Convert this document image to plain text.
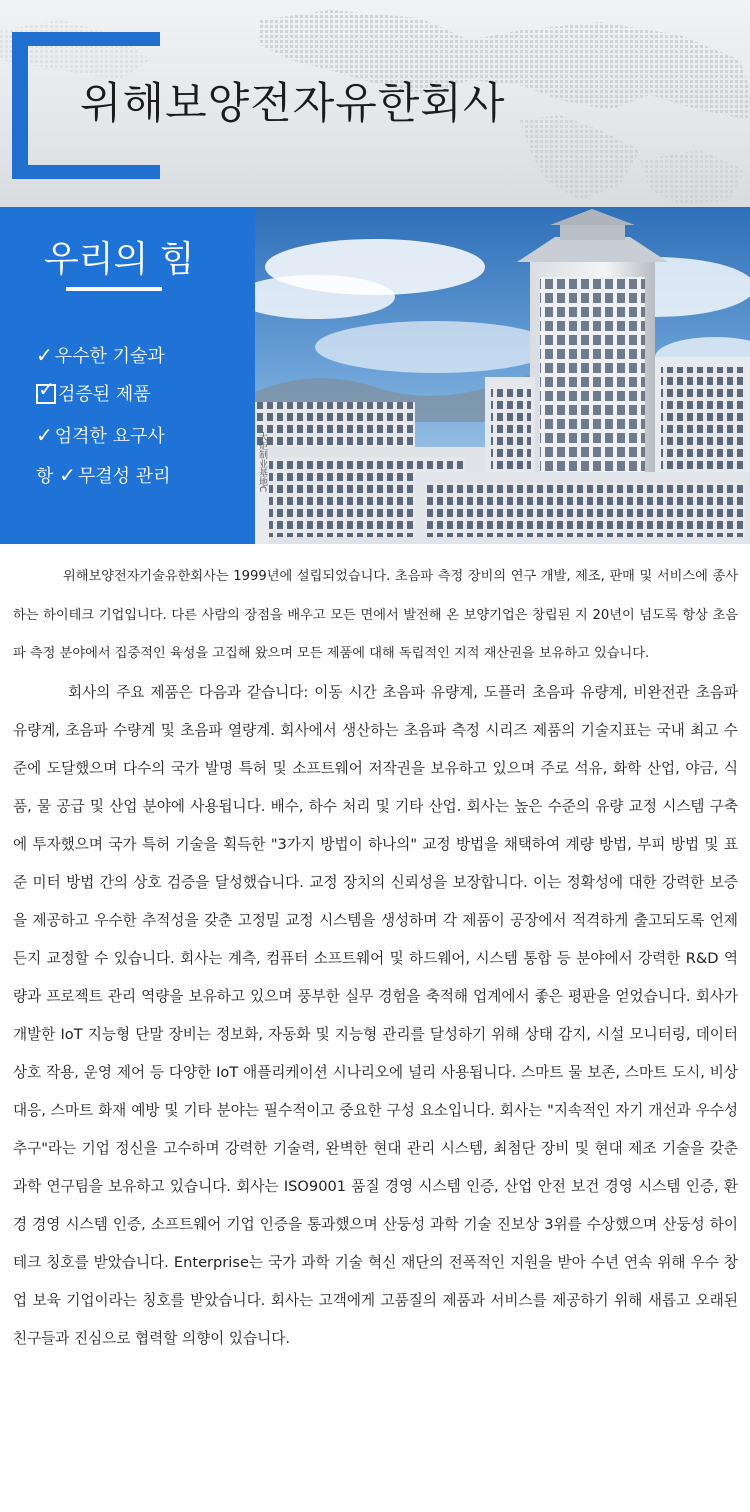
위해보양전자유한회사
우리의 힘
✓ 우수한 기술과
✓검증된 제품
✓ 엄격한 요구사
항 ✓ 무결성 관리	大炬制业基地C

위해보양전자기술유한회사는 1999년에 설립되었습니다. 초음파 측정 장비의 연구 개발, 제조, 판매 및 서비스에 종사하는 하이테크 기업입니다. 다른 사람의 장점을 배우고 모든 면에서 발전해 온 보양기업은 창립된 지 20년이 넘도록 항상 초음파 측정 분야에서 집중적인 육성을 고집해 왔으며 모든 제품에 대해 독립적인 지적 재산권을 보유하고 있습니다.

회사의 주요 제품은 다음과 같습니다: 이동 시간 초음파 유량계, 도플러 초음파 유량계, 비완전관 초음파 유량계, 초음파 수량계 및 초음파 열량계. 회사에서 생산하는 초음파 측정 시리즈 제품의 기술지표는 국내 최고 수준에 도달했으며 다수의 국가 발명 특허 및 소프트웨어 저작권을 보유하고 있으며 주로 석유, 화학 산업, 야금, 식품, 물 공급 및 산업 분야에 사용됩니다. 배수, 하수 처리 및 기타 산업. 회사는 높은 수준의 유량 교정 시스템 구축에 투자했으며 국가 특허 기술을 획득한 "3가지 방법이 하나의" 교정 방법을 채택하여 계량 방법, 부피 방법 및 표준 미터 방법 간의 상호 검증을 달성했습니다. 교정 장치의 신뢰성을 보장합니다. 이는 정확성에 대한 강력한 보증을 제공하고 우수한 추적성을 갖춘 고정밀 교정 시스템을 생성하며 각 제품이 공장에서 적격하게 출고되도록 언제든지 교정할 수 있습니다. 회사는 계측, 컴퓨터 소프트웨어 및 하드웨어, 시스템 통합 등 분야에서 강력한 R&D 역량과 프로젝트 관리 역량을 보유하고 있으며 풍부한 실무 경험을 축적해 업계에서 좋은 평판을 얻었습니다. 회사가 개발한 IoT 지능형 단말 장비는 정보화, 자동화 및 지능형 관리를 달성하기 위해 상태 감지, 시설 모니터링, 데이터 상호 작용, 운영 제어 등 다양한 IoT 애플리케이션 시나리오에 널리 사용됩니다. 스마트 물 보존, 스마트 도시, 비상 대응, 스마트 화재 예방 및 기타 분야는 필수적이고 중요한 구성 요소입니다. 회사는 "지속적인 자기 개선과 우수성 추구"라는 기업 정신을 고수하며 강력한 기술력, 완벽한 현대 관리 시스템, 최첨단 장비 및 현대 제조 기술을 갖춘 과학 연구팀을 보유하고 있습니다. 회사는 ISO9001 품질 경영 시스템 인증, 산업 안전 보건 경영 시스템 인증, 환경 경영 시스템 인증, 소프트웨어 기업 인증을 통과했으며 산둥성 과학 기술 진보상 3위를 수상했으며 산둥성 하이테크 칭호를 받았습니다. Enterprise는 국가 과학 기술 혁신 재단의 전폭적인 지원을 받아 수년 연속 위해 우수 창업 보육 기업이라는 칭호를 받았습니다. 회사는 고객에게 고품질의 제품과 서비스를 제공하기 위해 새롭고 오래된 친구들과 진심으로 협력할 의향이 있습니다.
